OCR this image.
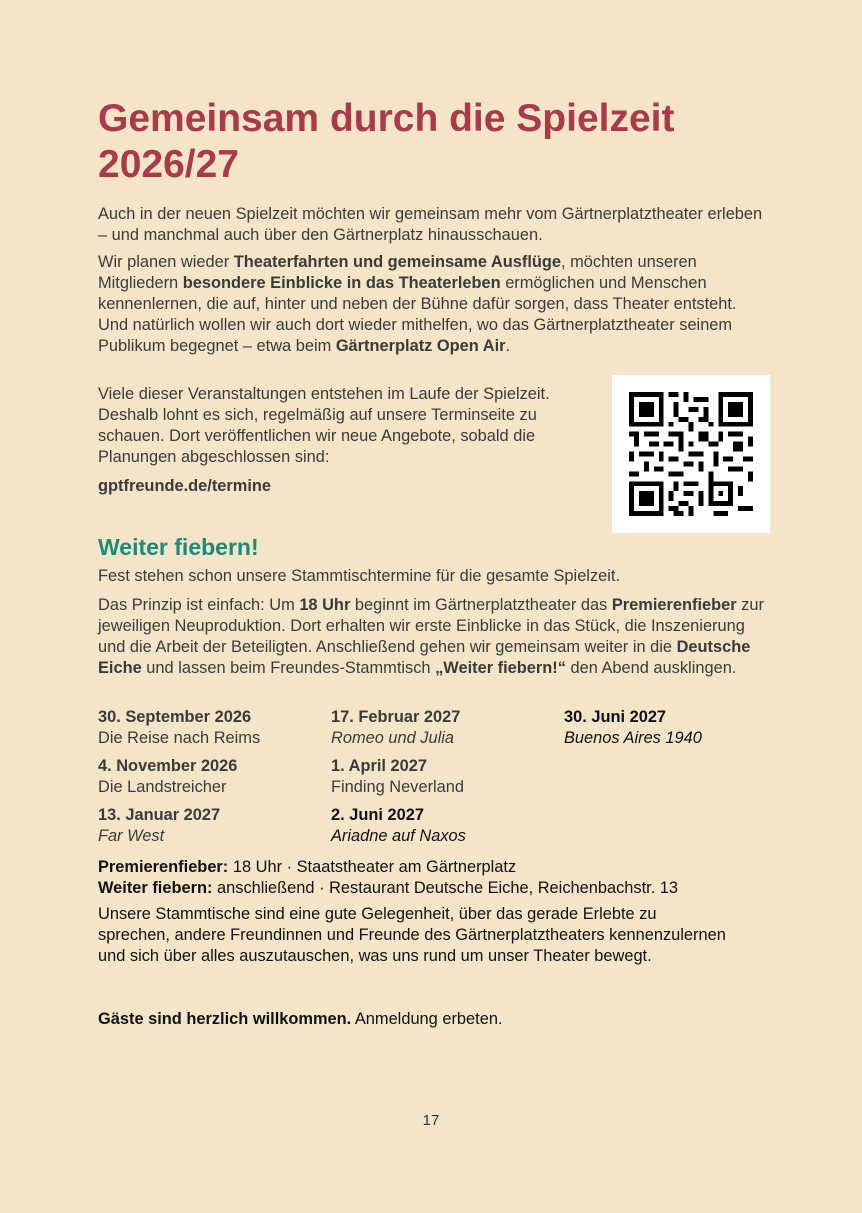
Gemeinsam durch die Spielzeit 2026/27

Auch in der neuen Spielzeit möchten wir gemeinsam mehr vom Gärtnerplatztheater erleben – und manchmal auch über den Gärtnerplatz hinausschauen.

Wir planen wieder Theaterfahrten und gemeinsame Ausflüge, möchten unseren Mitgliedern besondere Einblicke in das Theaterleben ermöglichen und Menschen kennenlernen, die auf, hinter und neben der Bühne dafür sorgen, dass Theater entsteht. Und natürlich wollen wir auch dort wieder mithelfen, wo das Gärtnerplatztheater seinem Publikum begegnet – etwa beim Gärtnerplatz Open Air.

Viele dieser Veranstaltungen entstehen im Laufe der Spielzeit. Deshalb lohnt es sich, regelmäßig auf unsere Terminseite zu schauen. Dort veröffentlichen wir neue Angebote, sobald die Planungen abgeschlossen sind:

gptfreunde.de/termine

Weiter fiebern!

Fest stehen schon unsere Stammtischtermine für die gesamte Spielzeit.

Das Prinzip ist einfach: Um 18 Uhr beginnt im Gärtnerplatztheater das Premierenfieber zur jeweiligen Neuproduktion. Dort erhalten wir erste Einblicke in das Stück, die Inszenierung und die Arbeit der Beteiligten. Anschließend gehen wir gemeinsam weiter in die Deutsche Eiche und lassen beim Freundes-Stammtisch „Weiter fiebern!“ den Abend ausklingen.

30. September 2026
Die Reise nach Reims
4. November 2026
Die Landstreicher
13. Januar 2027
Far West
17. Februar 2027
Romeo und Julia
1. April 2027
Finding Neverland
2. Juni 2027
Ariadne auf Naxos
30. Juni 2027
Buenos Aires 1940

Premierenfieber: 18 Uhr · Staatstheater am Gärtnerplatz

Weiter fiebern: anschließend · Restaurant Deutsche Eiche, Reichenbachstr. 13

Unsere Stammtische sind eine gute Gelegenheit, über das gerade Erlebte zu sprechen, andere Freundinnen und Freunde des Gärtnerplatztheaters kennenzulernen und sich über alles auszutauschen, was uns rund um unser Theater bewegt.

Gäste sind herzlich willkommen. Anmeldung erbeten.

17
